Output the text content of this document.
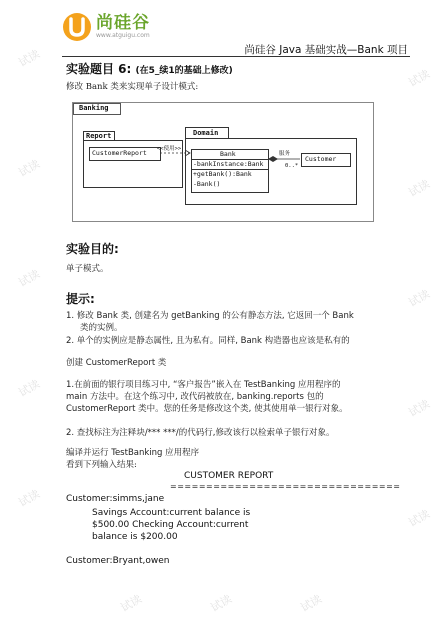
试读
试读
试读
试读
试读
试读
试读
试读
试读
试读
试读
试读	试读
尚硅谷
www.atguigu.com
尚硅谷 Java 基础实战—Bank 项目
实验题目 6: (在5_续1的基础上修改)
修改 Bank 类来实现单子设计模式:
Banking
Report
CustomerReport
Domain
Bank
-bankInstance:Bank
+getBank():Bank
-Bank()
Customer
<<使用>>
服务
0..*
实验目的:
单子模式。
提示:
1. 修改 Bank 类, 创建名为 getBanking 的公有静态方法, 它返回一个 Bank
类的实例。
2. 单个的实例应是静态属性, 且为私有。同样, Bank 构造器也应该是私有的
创建 CustomerReport 类
1.在前面的银行项目练习中, “客户报告”嵌入在 TestBanking 应用程序的
main 方法中。在这个练习中, 改代码被放在, banking.reports 包的
CustomerReport 类中。您的任务是修改这个类, 使其使用单一银行对象。
2. 查找标注为注释块/*** ***/的代码行,修改该行以检索单子银行对象。
编译并运行 TestBanking 应用程序
看到下列输入结果:
CUSTOMER REPORT
================================
Customer:simms,jane
Savings Account:current balance is
$500.00 Checking Account:current
balance is $200.00
Customer:Bryant,owen
